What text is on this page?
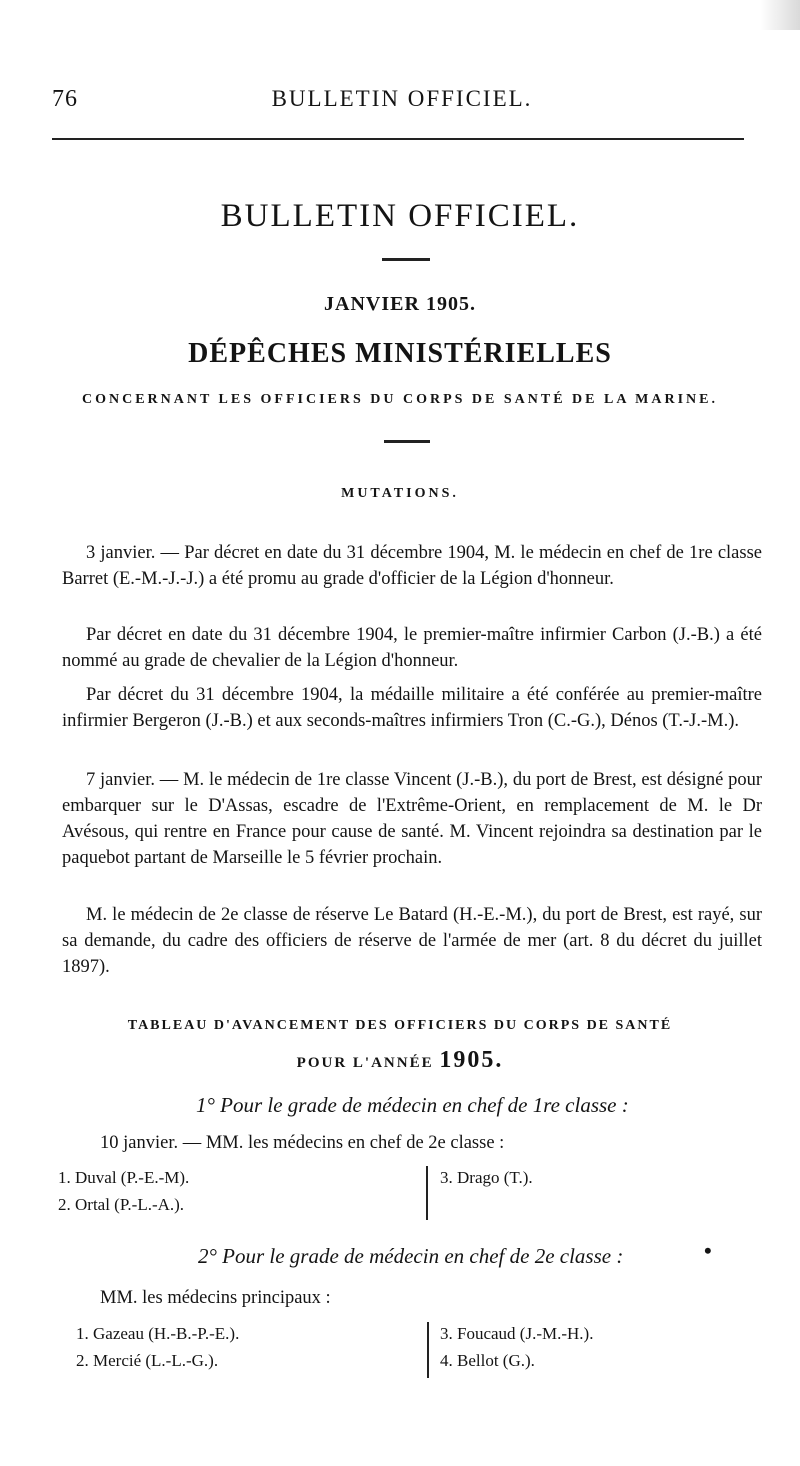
76	BULLETIN OFFICIEL.
BULLETIN OFFICIEL.
JANVIER 1905.
DÉPÊCHES MINISTÉRIELLES
CONCERNANT LES OFFICIERS DU CORPS DE SANTÉ DE LA MARINE.
MUTATIONS.

3 janvier. — Par décret en date du 31 décembre 1904, M. le médecin en chef de 1re classe Barret (E.-M.-J.-J.) a été promu au grade d'officier de la Légion d'honneur.

Par décret en date du 31 décembre 1904, le premier-maître infirmier Carbon (J.-B.) a été nommé au grade de chevalier de la Légion d'honneur.

Par décret du 31 décembre 1904, la médaille militaire a été conférée au premier-maître infirmier Bergeron (J.-B.) et aux seconds-maîtres infirmiers Tron (C.-G.), Dénos (T.-J.-M.).

7 janvier. — M. le médecin de 1re classe Vincent (J.-B.), du port de Brest, est désigné pour embarquer sur le D'Assas, escadre de l'Extrême-Orient, en remplacement de M. le Dr Avésous, qui rentre en France pour cause de santé. M. Vincent rejoindra sa destination par le paquebot partant de Marseille le 5 février prochain.

M. le médecin de 2e classe de réserve Le Batard (H.-E.-M.), du port de Brest, est rayé, sur sa demande, du cadre des officiers de réserve de l'armée de mer (art. 8 du décret du juillet 1897).

TABLEAU D'AVANCEMENT DES OFFICIERS DU CORPS DE SANTÉ
POUR L'ANNÉE 1905.
1° Pour le grade de médecin en chef de 1re classe :
10 janvier. — MM. les médecins en chef de 2e classe :
1. Duval (P.-E.-M).
2. Ortal (P.-L.-A.).
3. Drago (T.).
2° Pour le grade de médecin en chef de 2e classe :	•
MM. les médecins principaux :
1. Gazeau (H.-B.-P.-E.).
2. Mercié (L.-L.-G.).
3. Foucaud (J.-M.-H.).
4. Bellot (G.).
